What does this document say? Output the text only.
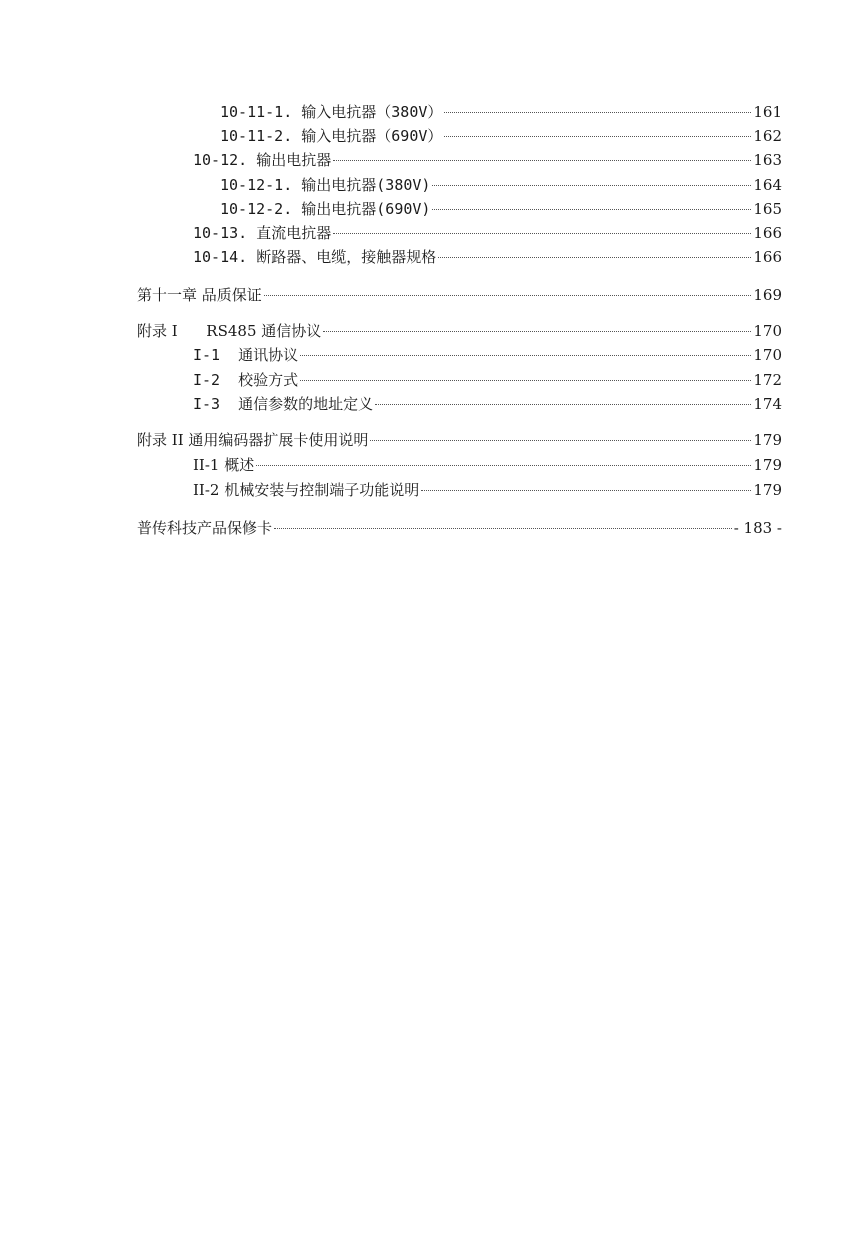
10-11-1. 输入电抗器（380V）	161
10-11-2. 输入电抗器（690V）	162
10-12. 输出电抗器	163
10-12-1. 输出电抗器(380V)	164
10-12-2. 输出电抗器(690V)	165
10-13. 直流电抗器	166
10-14. 断路器、电缆，接触器规格	166
第十一章 品质保证	169
附录 I      RS485 通信协议	170
I-1  通讯协议	170
I-2  校验方式	172
I-3  通信参数的地址定义	174
附录 II 通用编码器扩展卡使用说明	179
II-1 概述	179
II-2 机械安装与控制端子功能说明	179
普传科技产品保修卡	- 183 -
